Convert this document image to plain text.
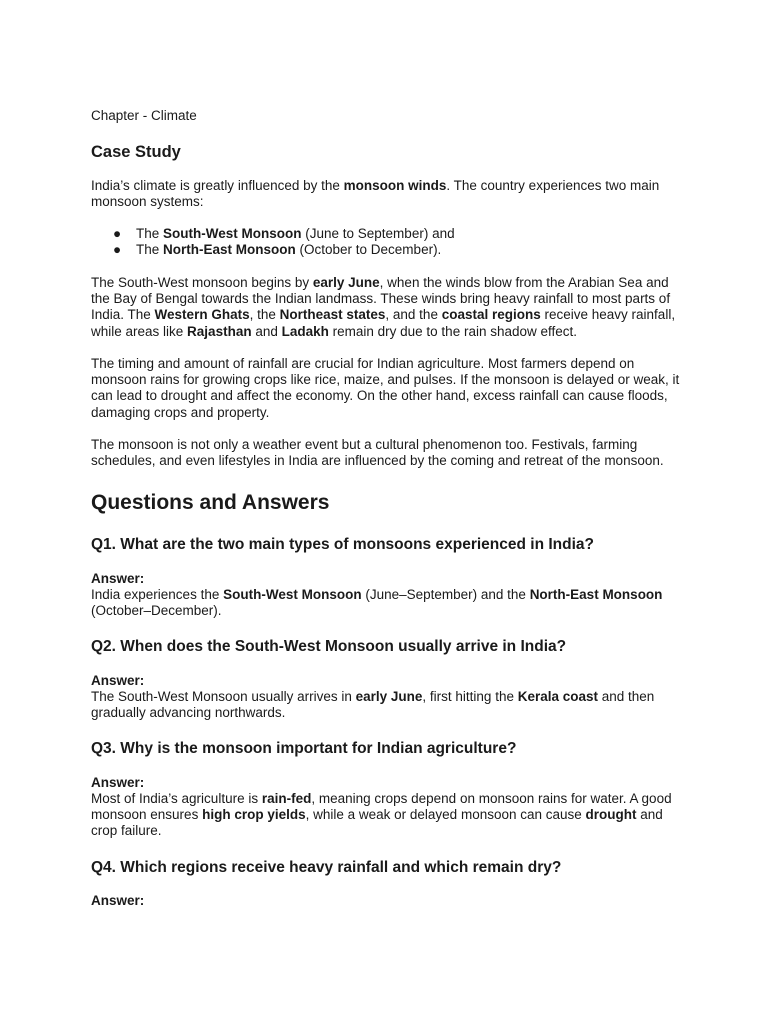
Chapter - Climate
Case Study

India’s climate is greatly influenced by the monsoon winds. The country experiences two main monsoon systems:

● The South-West Monsoon (June to September) and
● The North-East Monsoon (October to December).

The South-West monsoon begins by early June, when the winds blow from the Arabian Sea and the Bay of Bengal towards the Indian landmass. These winds bring heavy rainfall to most parts of India. The Western Ghats, the Northeast states, and the coastal regions receive heavy rainfall, while areas like Rajasthan and Ladakh remain dry due to the rain shadow effect.

The timing and amount of rainfall are crucial for Indian agriculture. Most farmers depend on monsoon rains for growing crops like rice, maize, and pulses. If the monsoon is delayed or weak, it can lead to drought and affect the economy. On the other hand, excess rainfall can cause floods, damaging crops and property.

The monsoon is not only a weather event but a cultural phenomenon too. Festivals, farming schedules, and even lifestyles in India are influenced by the coming and retreat of the monsoon.

Questions and Answers
Q1. What are the two main types of monsoons experienced in India?

Answer:

India experiences the South-West Monsoon (June–September) and the North-East Monsoon (October–December).

Q2. When does the South-West Monsoon usually arrive in India?

Answer:

The South-West Monsoon usually arrives in early June, first hitting the Kerala coast and then gradually advancing northwards.

Q3. Why is the monsoon important for Indian agriculture?

Answer:

Most of India’s agriculture is rain-fed, meaning crops depend on monsoon rains for water. A good monsoon ensures high crop yields, while a weak or delayed monsoon can cause drought and crop failure.

Q4. Which regions receive heavy rainfall and which remain dry?

Answer:
